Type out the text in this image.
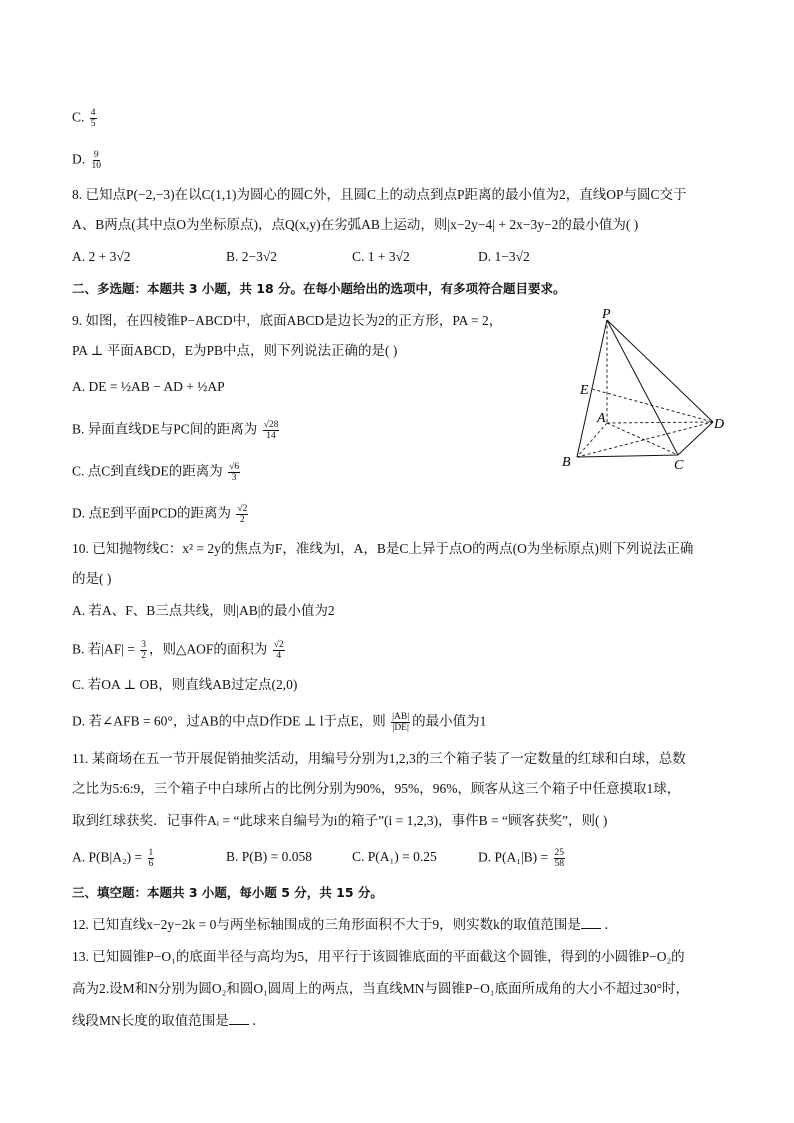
C. $\frac{4}{5}$
D. $\frac{9}{10}$
8. 已知点P(−2,−3)在以C(1,1)为圆心的圆C外，且圆C上的动点到点P距离的最小值为2，直线OP与圆C交于
A、B两点(其中点O为坐标原点)，点Q(x,y)在劣弧AB上运动，则|x−2y−4| + 2x−3y−2的最小值为( )
A. 2 + 3√2	B. 2−3√2	C. 1 + 3√2	D. 1−3√2
二、多选题：本题共 3 小题，共 18 分。在每小题给出的选项中，有多项符合题目要求。
9. 如图，在四棱锥P−ABCD中，底面ABCD是边长为2的正方形，PA = 2，
PA ⊥ 平面ABCD，E为PB中点，则下列说法正确的是( )
A. DE = ½AB − AD + ½AP
B. 异面直线DE与PC间的距离为 $\frac{√28}{14}$
C. 点C到直线DE的距离为 $\frac{√6}{3}$
D. 点E到平面PCD的距离为 $\frac{√2}{2}$
P
E
A	D
B	C
10. 已知抛物线C：x² = 2y的焦点为F，准线为l，A，B是C上异于点O的两点(O为坐标原点)则下列说法正确
的是( )
A. 若A、F、B三点共线，则|AB|的最小值为2
B. 若$|AF| = \frac{3}{2}$ ，则△AOF的面积为 $\frac{√2}{4}$
C. 若OA ⊥ OB，则直线AB过定点(2,0)
D. 若∠AFB = 60°，过AB的中点D作DE ⊥ l于点E，则 $\frac{|AB|}{|DE|}$ 的最小值为1
11. 某商场在五一节开展促销抽奖活动，用编号分别为1,2,3的三个箱子装了一定数量的红球和白球，总数
之比为5:6:9，三个箱子中白球所占的比例分别为90%，95%，96%，顾客从这三个箱子中任意摸取1球，
取到红球获奖．记事件Aᵢ = “此球来自编号为i的箱子”(i = 1,2,3)，事件B = “顾客获奖”，则( )
A. $P(B|A_2) = \frac{1}{6}$	B. P(B) = 0.058	C. P(A₁) = 0.25	D. $P(A_1|B) = \frac{25}{58}$
三、填空题：本题共 3 小题，每小题 5 分，共 15 分。
12. 已知直线x−2y−2k = 0与两坐标轴围成的三角形面积不大于9，则实数k的取值范围是 ．
13. 已知圆锥P−O₁的底面半径与高均为5，用平行于该圆锥底面的平面截这个圆锥，得到的小圆锥P−O₂的
高为2.设M和N分别为圆O₂和圆O₁圆周上的两点，当直线MN与圆锥P−O₁底面所成角的大小不超过30°时，
线段MN长度的取值范围是 ．
